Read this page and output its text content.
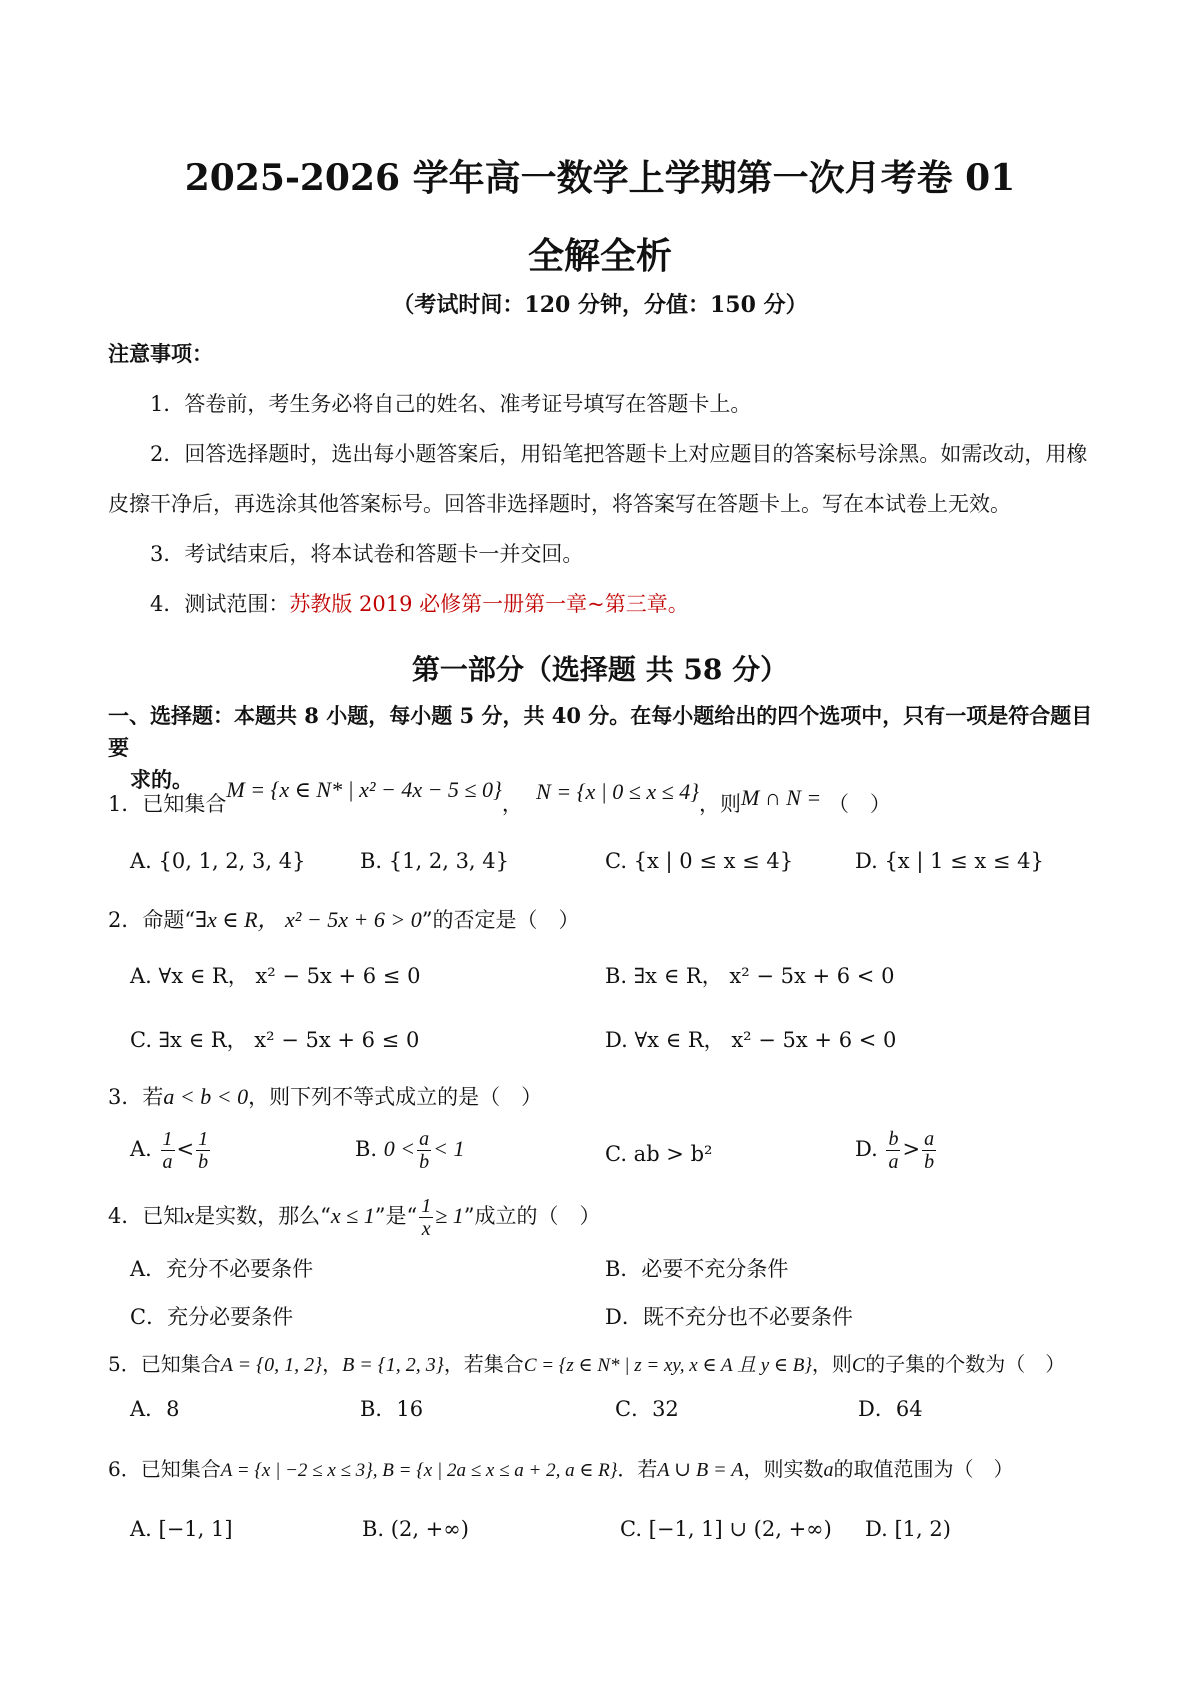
2025-2026 学年高一数学上学期第一次月考卷 01
全解全析
（考试时间：120 分钟，分值：150 分）
注意事项：
1．答卷前，考生务必将自己的姓名、准考证号填写在答题卡上。
2．回答选择题时，选出每小题答案后，用铅笔把答题卡上对应题目的答案标号涂黑。如需改动，用橡
皮擦干净后，再选涂其他答案标号。回答非选择题时，将答案写在答题卡上。写在本试卷上无效。
3．考试结束后，将本试卷和答题卡一并交回。
4．测试范围：苏教版 2019 必修第一册第一章~第三章。
第一部分（选择题 共 58 分）
一、选择题：本题共 8 小题，每小题 5 分，共 40 分。在每小题给出的四个选项中，只有一项是符合题目要
求的。
1．已知集合M = {x ∈ N* | x² − 4x − 5 ≤ 0}， N = {x | 0 ≤ x ≤ 4}，则M ∩ N = （　）
A. {0, 1, 2, 3, 4}	B. {1, 2, 3, 4}	C. {x | 0 ≤ x ≤ 4}	D. {x | 1 ≤ x ≤ 4}
2．命题“∃x ∈ R， x² − 5x + 6 > 0”的否定是（　）
A. ∀x ∈ R， x² − 5x + 6 ≤ 0	B. ∃x ∈ R， x² − 5x + 6 < 0
C. ∃x ∈ R， x² − 5x + 6 ≤ 0	D. ∀x ∈ R， x² − 5x + 6 < 0
3．若a < b < 0，则下列不等式成立的是（　）
A. $\frac{1}{a} < \frac{1}{b}$	B. $0 < \frac{a}{b} < 1$	C. ab > b²	D. $\frac{b}{a} > \frac{a}{b}$
4．已知x是实数，那么“x ≤ 1”是“ $\frac{1}{x} \ge 1$”成立的（　）
A．充分不必要条件	B．必要不充分条件
C．充分必要条件	D．既不充分也不必要条件
5．已知集合A = {0, 1, 2}，B = {1, 2, 3}，若集合C = {z ∈ N* | z = xy, x ∈ A 且 y ∈ B}，则C的子集的个数为（　）
A．8	B．16	C．32	D．64
6．已知集合A = {x | −2 ≤ x ≤ 3}, B = {x | 2a ≤ x ≤ a + 2, a ∈ R}．若A ∪ B = A，则实数a的取值范围为（　）
A. [−1, 1]	B. (2, +∞)	C. [−1, 1] ∪ (2, +∞) D. [1, 2)
